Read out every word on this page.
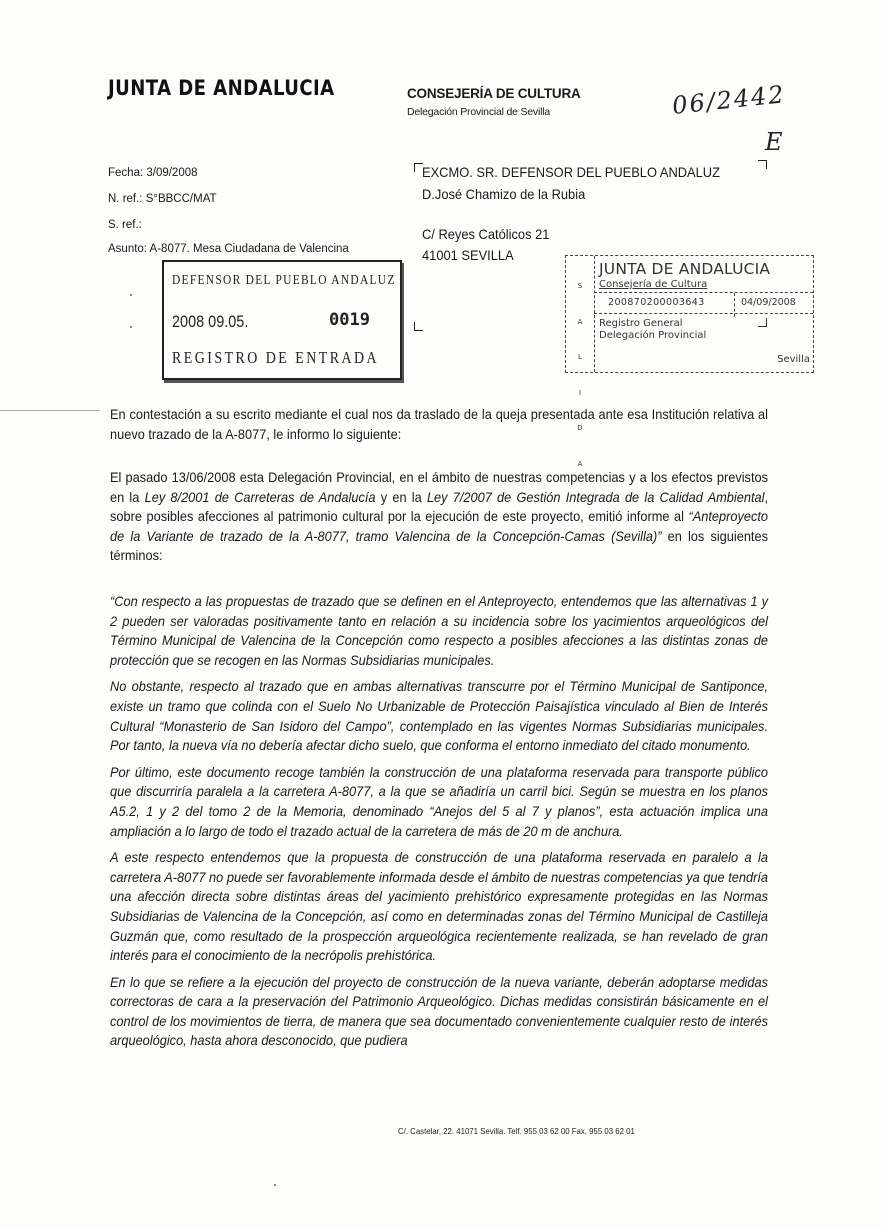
JUNTA DE ANDALUCIA	CONSEJERÍA DE CULTURA
Delegación Provincial de Sevilla	06/2442
E
Fecha: 3/09/2008
N. ref.: S°BBCC/MAT
S. ref.:
Asunto: A-8077. Mesa Ciudadana de Valencina
EXCMO. SR. DEFENSOR DEL PUEBLO ANDALUZ
D.José Chamizo de la Rubia
C/ Reyes Católicos 21
41001 SEVILLA
DEFENSOR DEL PUEBLO ANDALUZ
2008 09.05.	0019
REGISTRO DE ENTRADA
S
A
L
I
D
A
JUNTA DE ANDALUCIA
Consejería de Cultura
200870200003643	04/09/2008
Registro General
Delegación Provincial
Sevilla

En contestación a su escrito mediante el cual nos da traslado de la queja presentada ante esa Institución relativa al nuevo trazado de la A-8077, le informo lo siguiente:

El pasado 13/06/2008 esta Delegación Provincial, en el ámbito de nuestras competencias y a los efectos previstos en la Ley 8/2001 de Carreteras de Andalucía y en la Ley 7/2007 de Gestión Integrada de la Calidad Ambiental, sobre posibles afecciones al patrimonio cultural por la ejecución de este proyecto, emitió informe al “Anteproyecto de la Variante de trazado de la A-8077, tramo Valencina de la Concepción-Camas (Sevilla)” en los siguientes términos:

“Con respecto a las propuestas de trazado que se definen en el Anteproyecto, entendemos que las alternativas 1 y 2 pueden ser valoradas positivamente tanto en relación a su incidencia sobre los yacimientos arqueológicos del Término Municipal de Valencina de la Concepción como respecto a posibles afecciones a las distintas zonas de protección que se recogen en las Normas Subsidiarias municipales.

No obstante, respecto al trazado que en ambas alternativas transcurre por el Término Municipal de Santiponce, existe un tramo que colinda con el Suelo No Urbanizable de Protección Paisajística vinculado al Bien de Interés Cultural “Monasterio de San Isidoro del Campo”, contemplado en las vigentes Normas Subsidiarias municipales. Por tanto, la nueva vía no debería afectar dicho suelo, que conforma el entorno inmediato del citado monumento.

Por último, este documento recoge también la construcción de una plataforma reservada para transporte público que discurriría paralela a la carretera A-8077, a la que se añadiría un carril bici. Según se muestra en los planos A5.2, 1 y 2 del tomo 2 de la Memoria, denominado “Anejos del 5 al 7 y planos”, esta actuación implica una ampliación a lo largo de todo el trazado actual de la carretera de más de 20 m de anchura.

A este respecto entendemos que la propuesta de construcción de una plataforma reservada en paralelo a la carretera A-8077 no puede ser favorablemente informada desde el ámbito de nuestras competencias ya que tendría una afección directa sobre distintas áreas del yacimiento prehistórico expresamente protegidas en las Normas Subsidiarias de Valencina de la Concepción, así como en determinadas zonas del Término Municipal de Castilleja Guzmán que, como resultado de la prospección arqueológica recientemente realizada, se han revelado de gran interés para el conocimiento de la necrópolis prehistórica.

En lo que se refiere a la ejecución del proyecto de construcción de la nueva variante, deberán adoptarse medidas correctoras de cara a la preservación del Patrimonio Arqueológico. Dichas medidas consistirán básicamente en el control de los movimientos de tierra, de manera que sea documentado convenientemente cualquier resto de interés arqueológico, hasta ahora desconocido, que pudiera

C/. Castelar, 22. 41071 Sevilla. Telf. 955 03 62 00 Fax. 955 03 62 01
